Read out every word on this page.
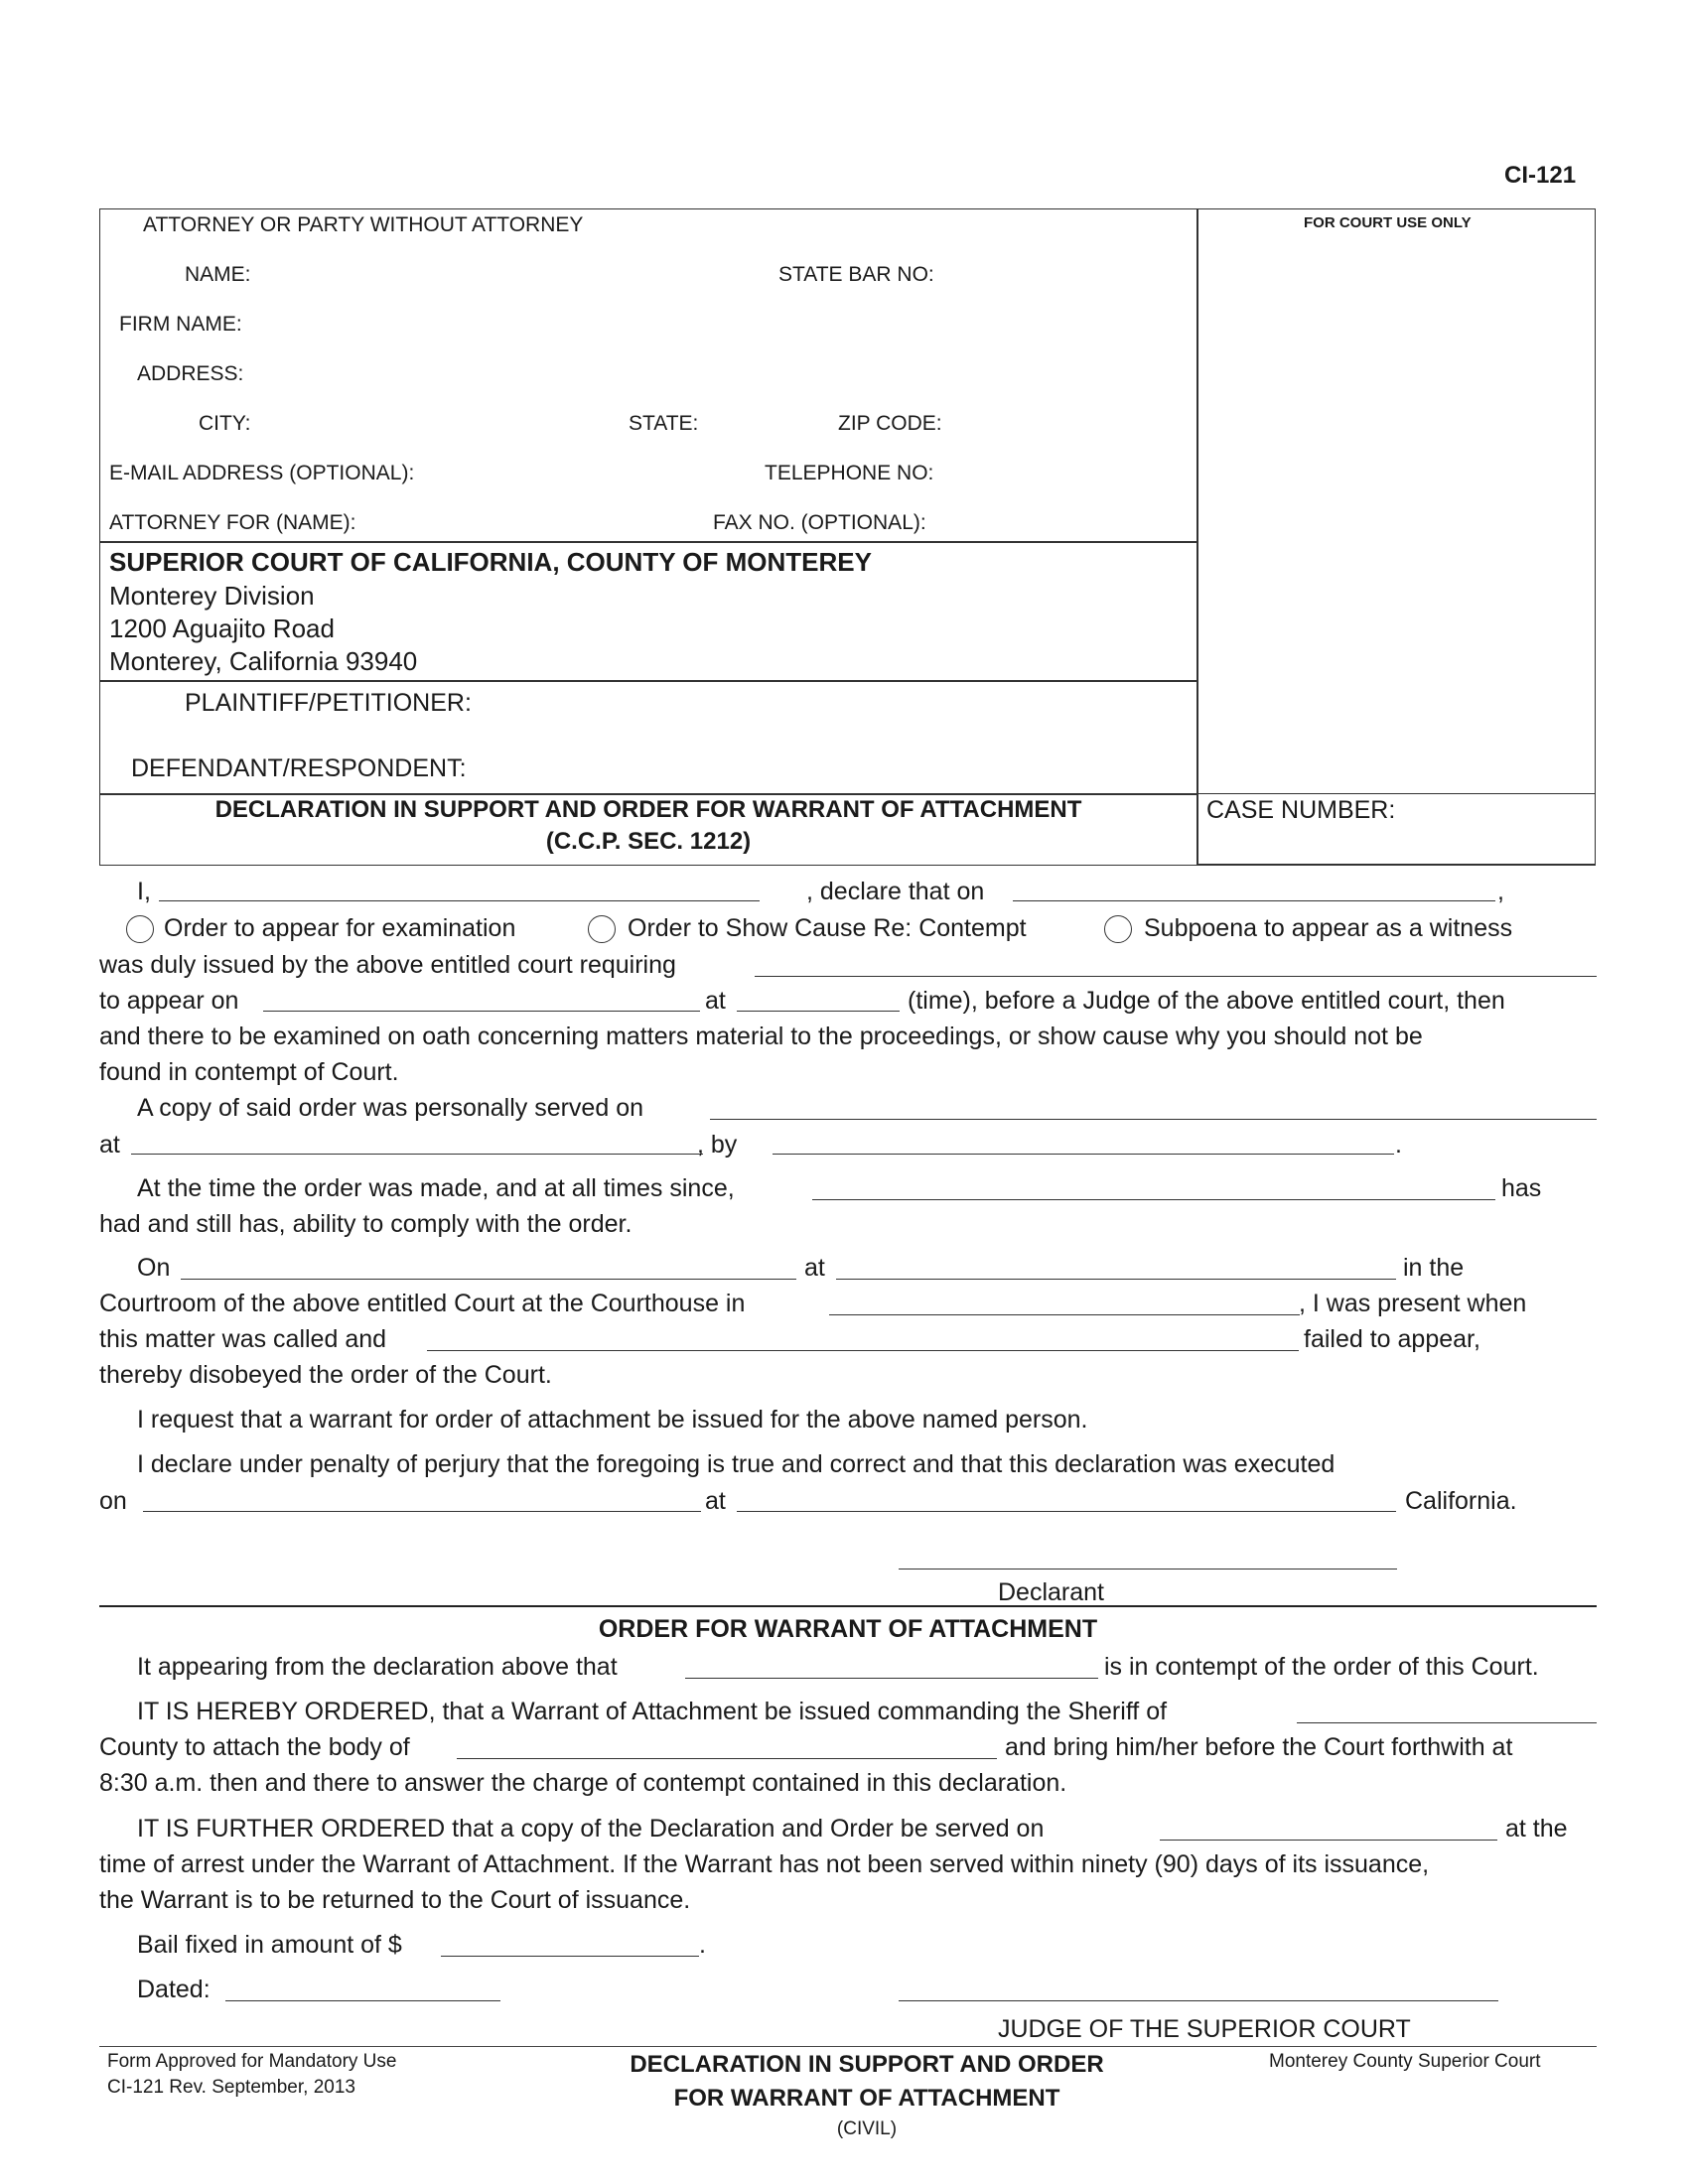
CI-121
FOR COURT USE ONLY
ATTORNEY OR PARTY WITHOUT ATTORNEY
NAME:	STATE BAR NO:
FIRM NAME:
ADDRESS:
CITY:	STATE:	ZIP CODE:
E-MAIL ADDRESS (OPTIONAL):	TELEPHONE NO:
ATTORNEY FOR (NAME):	FAX NO. (OPTIONAL):
SUPERIOR COURT OF CALIFORNIA, COUNTY OF MONTEREY
Monterey Division
1200 Aguajito Road
Monterey, California 93940
PLAINTIFF/PETITIONER:
DEFENDANT/RESPONDENT:
DECLARATION IN SUPPORT AND ORDER FOR WARRANT OF ATTACHMENT
(C.C.P. SEC. 1212)
CASE NUMBER:
I,	, declare that on	,
Order to appear for examination	Order to Show Cause Re: Contempt	Subpoena to appear as a witness
was duly issued by the above entitled court requiring
to appear on	at	(time), before a Judge of the above entitled court, then
and there to be examined on oath concerning matters material to the proceedings, or show cause why you should not be
found in contempt of Court.
A copy of said order was personally served on
at	, by	.
At the time the order was made, and at all times since,	has
had and still has, ability to comply with the order.
On	at	in the
Courtroom of the above entitled Court at the Courthouse in	, I was present when
this matter was called and	failed to appear,
thereby disobeyed the order of the Court.
I request that a warrant for order of attachment be issued for the above named person.
I declare under penalty of perjury that the foregoing is true and correct and that this declaration was executed
on	at	California.
Declarant
ORDER FOR WARRANT OF ATTACHMENT
It appearing from the declaration above that	is in contempt of the order of this Court.
IT IS HEREBY ORDERED, that a Warrant of Attachment be issued commanding the Sheriff of
County to attach the body of	and bring him/her before the Court forthwith at
8:30 a.m. then and there to answer the charge of contempt contained in this declaration.
IT IS FURTHER ORDERED that a copy of the Declaration and Order be served on	at the
time of arrest under the Warrant of Attachment. If the Warrant has not been served within ninety (90) days of its issuance,
the Warrant is to be returned to the Court of issuance.
Bail fixed in amount of $	.
Dated:
JUDGE OF THE SUPERIOR COURT
Form Approved for Mandatory Use
CI-121 Rev. September, 2013
DECLARATION IN SUPPORT AND ORDER
FOR WARRANT OF ATTACHMENT
(CIVIL)
Monterey County Superior Court
